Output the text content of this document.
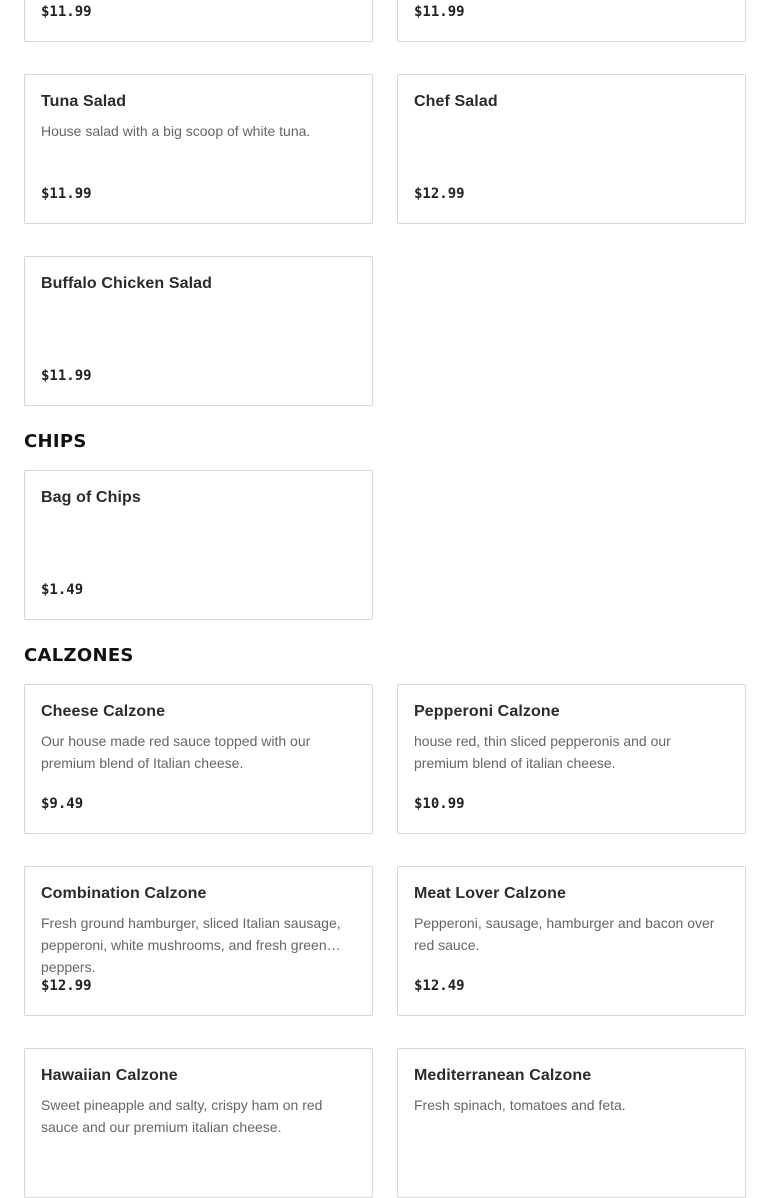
$11.99	$11.99
Tuna Salad
House salad with a big scoop of white tuna.
$11.99
Chef Salad
$12.99
Buffalo Chicken Salad
$11.99
CHIPS
Bag of Chips
$1.49
CALZONES
Cheese Calzone
Our house made red sauce topped with our premium blend of Italian cheese.
$9.49
Pepperoni Calzone
house red, thin sliced pepperonis and our premium blend of italian cheese.
$10.99
Combination Calzone
Fresh ground hamburger, sliced Italian sausage, pepperoni, white mushrooms, and fresh green peppers.
$12.99
Meat Lover Calzone
Pepperoni, sausage, hamburger and bacon over red sauce.
$12.49
Hawaiian Calzone
Sweet pineapple and salty, crispy ham on red sauce and our premium italian cheese.
Mediterranean Calzone
Fresh spinach, tomatoes and feta.
